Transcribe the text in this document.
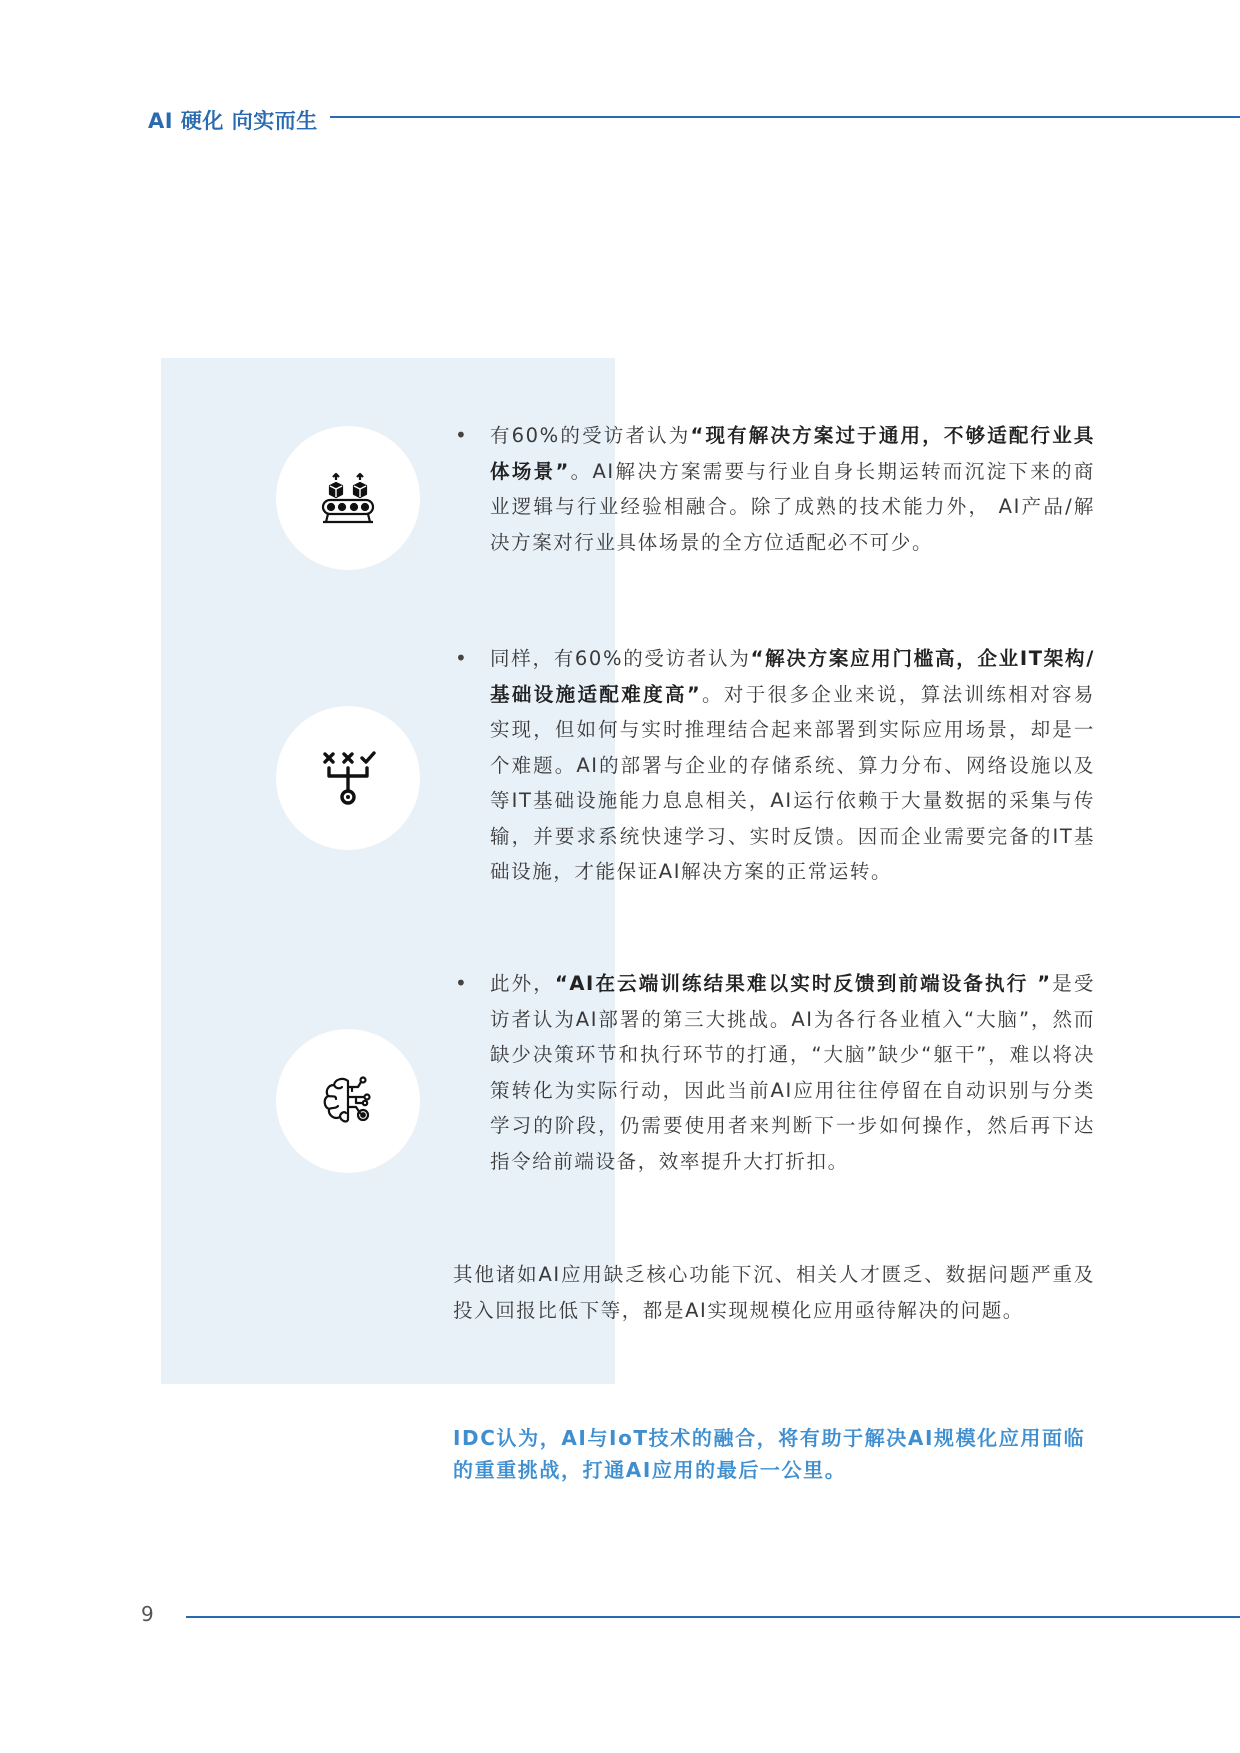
AI 硬化 向实而生
• 有60%的受访者认为“现有解决方案过于通用，不够适配行业具体场景”。AI解决方案需要与行业自身长期运转而沉淀下来的商业逻辑与行业经验相融合。除了成熟的技术能力外， AI产品/解决方案对行业具体场景的全方位适配必不可少。
• 同样，有60%的受访者认为“解决方案应用门槛高，企业IT架构/基础设施适配难度高”。对于很多企业来说，算法训练相对容易实现，但如何与实时推理结合起来部署到实际应用场景，却是一个难题。AI的部署与企业的存储系统、算力分布、网络设施以及等IT基础设施能力息息相关，AI运行依赖于大量数据的采集与传输，并要求系统快速学习、实时反馈。因而企业需要完备的IT基础设施，才能保证AI解决方案的正常运转。
• 此外，“AI在云端训练结果难以实时反馈到前端设备执行 ”是受访者认为AI部署的第三大挑战。AI为各行各业植入“大脑”，然而缺少决策环节和执行环节的打通，“大脑”缺少“躯干”，难以将决策转化为实际行动，因此当前AI应用往往停留在自动识别与分类学习的阶段，仍需要使用者来判断下一步如何操作，然后再下达指令给前端设备，效率提升大打折扣。
其他诸如AI应用缺乏核心功能下沉、相关人才匮乏、数据问题严重及投入回报比低下等，都是AI实现规模化应用亟待解决的问题。
IDC认为，AI与IoT技术的融合，将有助于解决AI规模化应用面临的重重挑战，打通AI应用的最后一公里。
9
